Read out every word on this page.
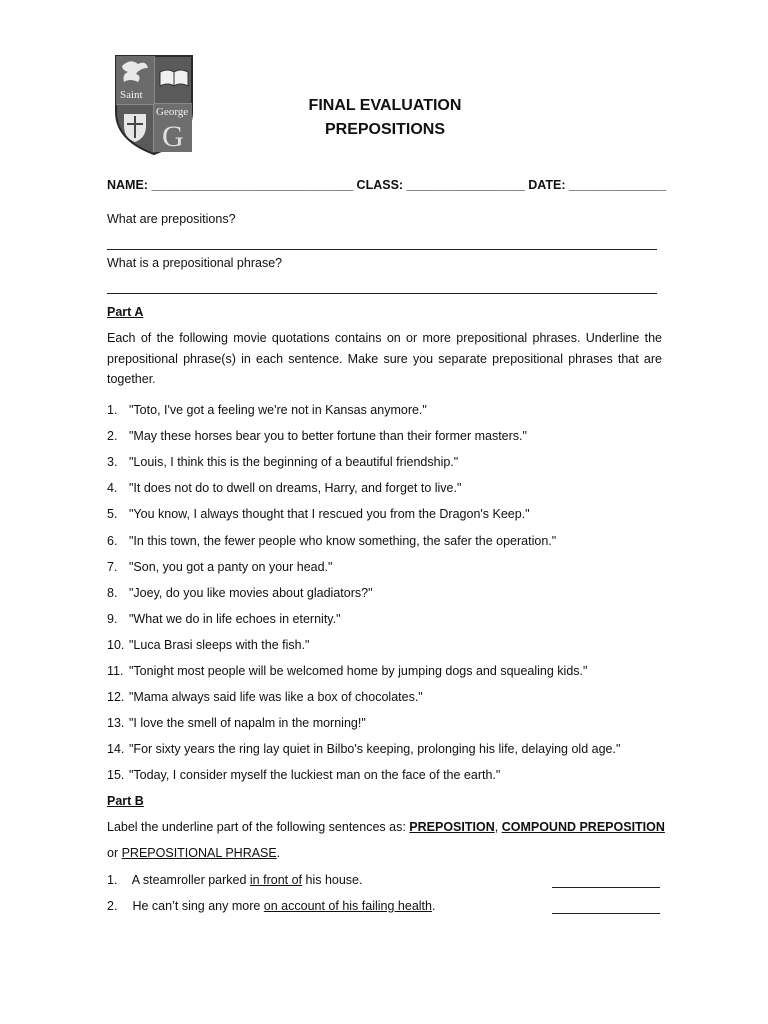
Saint
George
G
FINAL EVALUATION
PREPOSITIONS
NAME: _____________________________ CLASS: _________________ DATE: ______________
What are prepositions?
What is a prepositional phrase?
Part A
Each of the following movie quotations contains on or more prepositional phrases. Underline the prepositional phrase(s) in each sentence. Make sure you separate prepositional phrases that are together.
1. "Toto, I've got a feeling we're not in Kansas anymore."
2. "May these horses bear you to better fortune than their former masters."
3. "Louis, I think this is the beginning of a beautiful friendship."
4. "It does not do to dwell on dreams, Harry, and forget to live."
5. "You know, I always thought that I rescued you from the Dragon's Keep."
6. "In this town, the fewer people who know something, the safer the operation."
7. "Son, you got a panty on your head."
8. "Joey, do you like movies about gladiators?"
9. "What we do in life echoes in eternity."
10. "Luca Brasi sleeps with the fish."
11. "Tonight most people will be welcomed home by jumping dogs and squealing kids."
12. "Mama always said life was like a box of chocolates."
13. "I love the smell of napalm in the morning!"
14. "For sixty years the ring lay quiet in Bilbo's keeping, prolonging his life, delaying old age."
15. "Today, I consider myself the luckiest man on the face of the earth."
Part B
Label the underline part of the following sentences as: PREPOSITION, COMPOUND PREPOSITION
or PREPOSITIONAL PHRASE.
1. A steamroller parked in front of his house.
2. He can’t sing any more on account of his failing health.
